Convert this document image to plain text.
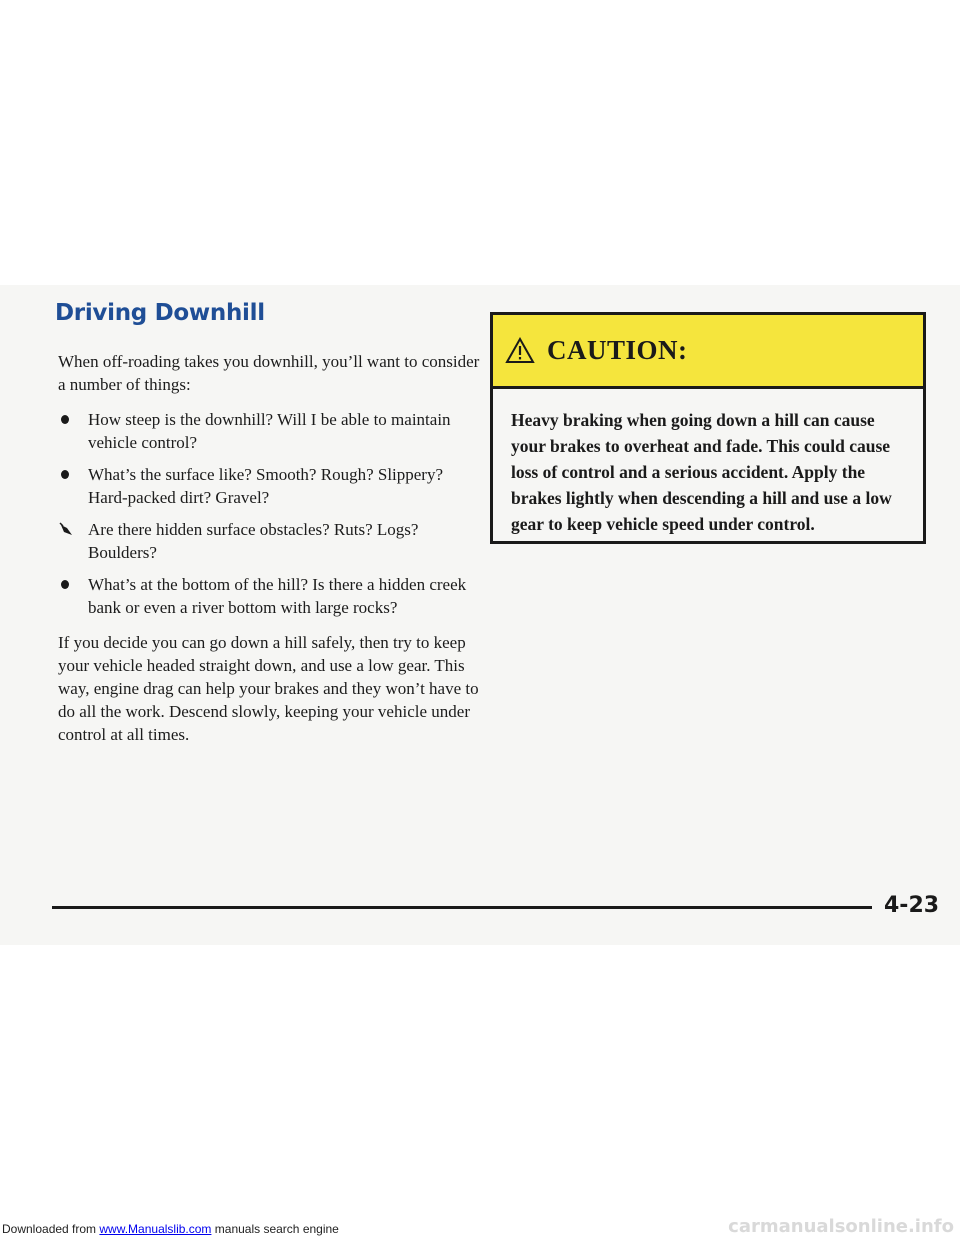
Driving Downhill

When off-roading takes you downhill, you’ll want to consider a number of things:

How steep is the downhill? Will I be able to maintain vehicle control?
What’s the surface like? Smooth? Rough? Slippery? Hard-packed dirt? Gravel?
Are there hidden surface obstacles? Ruts? Logs? Boulders?
What’s at the bottom of the hill? Is there a hidden creek bank or even a river bottom with large rocks?

If you decide you can go down a hill safely, then try to keep your vehicle headed straight down, and use a low gear. This way, engine drag can help your brakes and they won’t have to do all the work. Descend slowly, keeping your vehicle under control at all times.

CAUTION:
Heavy braking when going down a hill can cause your brakes to overheat and fade. This could cause loss of control and a serious accident. Apply the brakes lightly when descending a hill and use a low gear to keep vehicle speed under control.
4-23
Downloaded from www.Manualslib.com manuals search engine	carmanualsonline.info
